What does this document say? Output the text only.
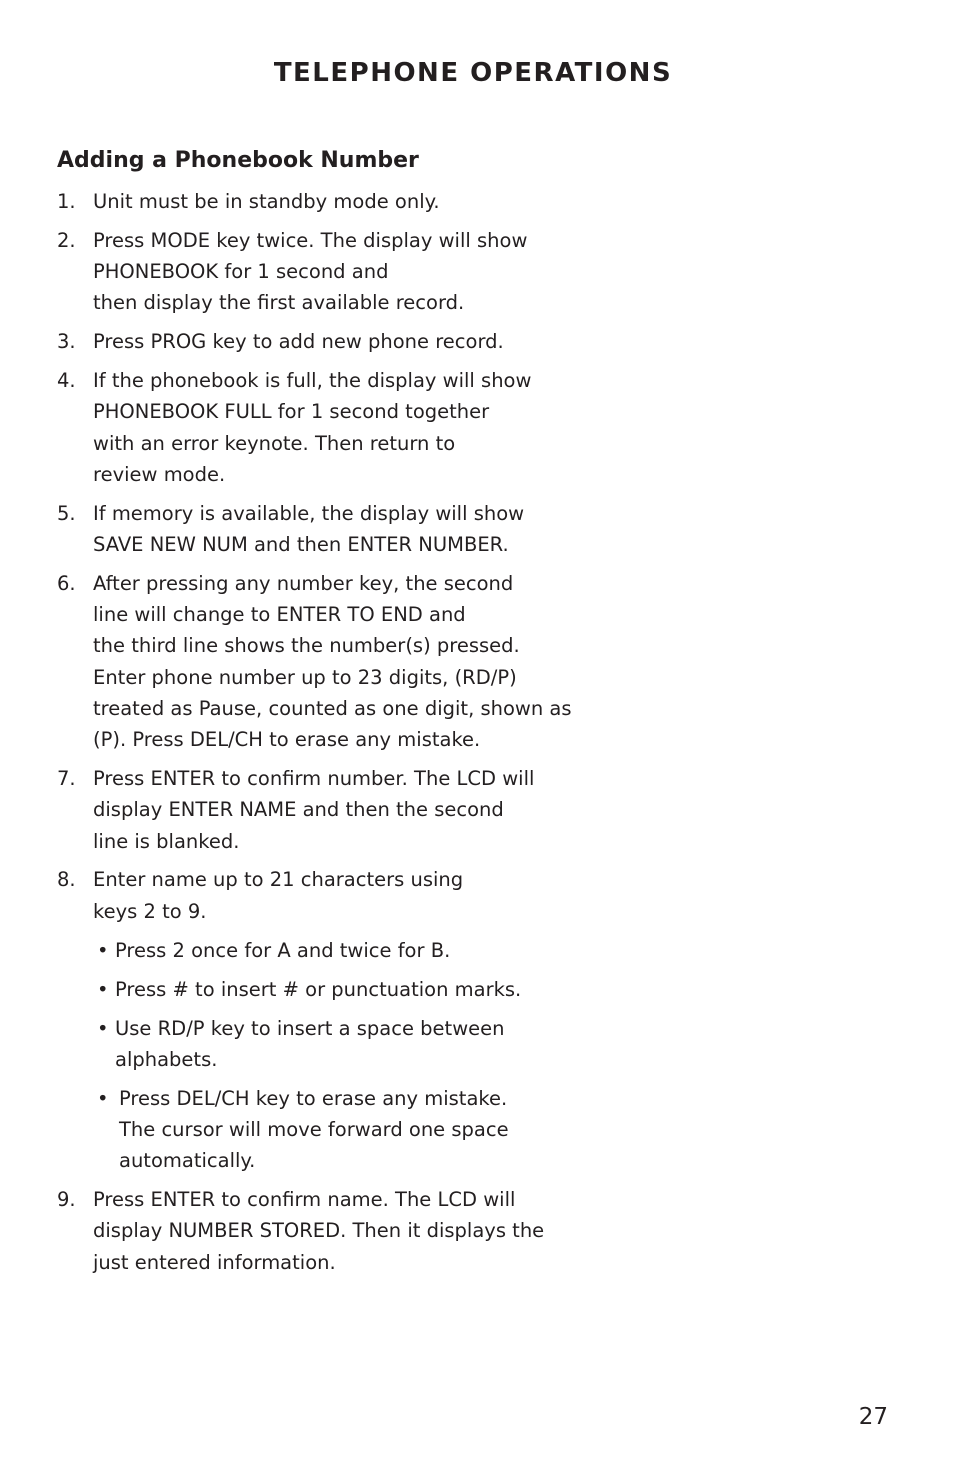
TELEPHONE OPERATIONS
Adding a Phonebook Number
1. Unit must be in standby mode only.
2. Press MODE key twice. The display will show
PHONEBOOK for 1 second and
then display the first available record.
3. Press PROG key to add new phone record.
4. If the phonebook is full, the display will show
PHONEBOOK FULL for 1 second together
with an error keynote. Then return to
review mode.
5. If memory is available, the display will show
SAVE NEW NUM and then ENTER NUMBER.
6. After pressing any number key, the second
line will change to ENTER TO END and
the third line shows the number(s) pressed.
Enter phone number up to 23 digits, (RD/P)
treated as Pause, counted as one digit, shown as
(P). Press DEL/CH to erase any mistake.
7. Press ENTER to confirm number. The LCD will
display ENTER NAME and then the second
line is blanked.
8. Enter name up to 21 characters using
keys 2 to 9.
• Press 2 once for A and twice for B.
• Press # to insert # or punctuation marks.
• Use RD/P key to insert a space between
alphabets.
• Press DEL/CH key to erase any mistake.
The cursor will move forward one space
automatically.
9. Press ENTER to confirm name. The LCD will
display NUMBER STORED. Then it displays the
just entered information.
27
